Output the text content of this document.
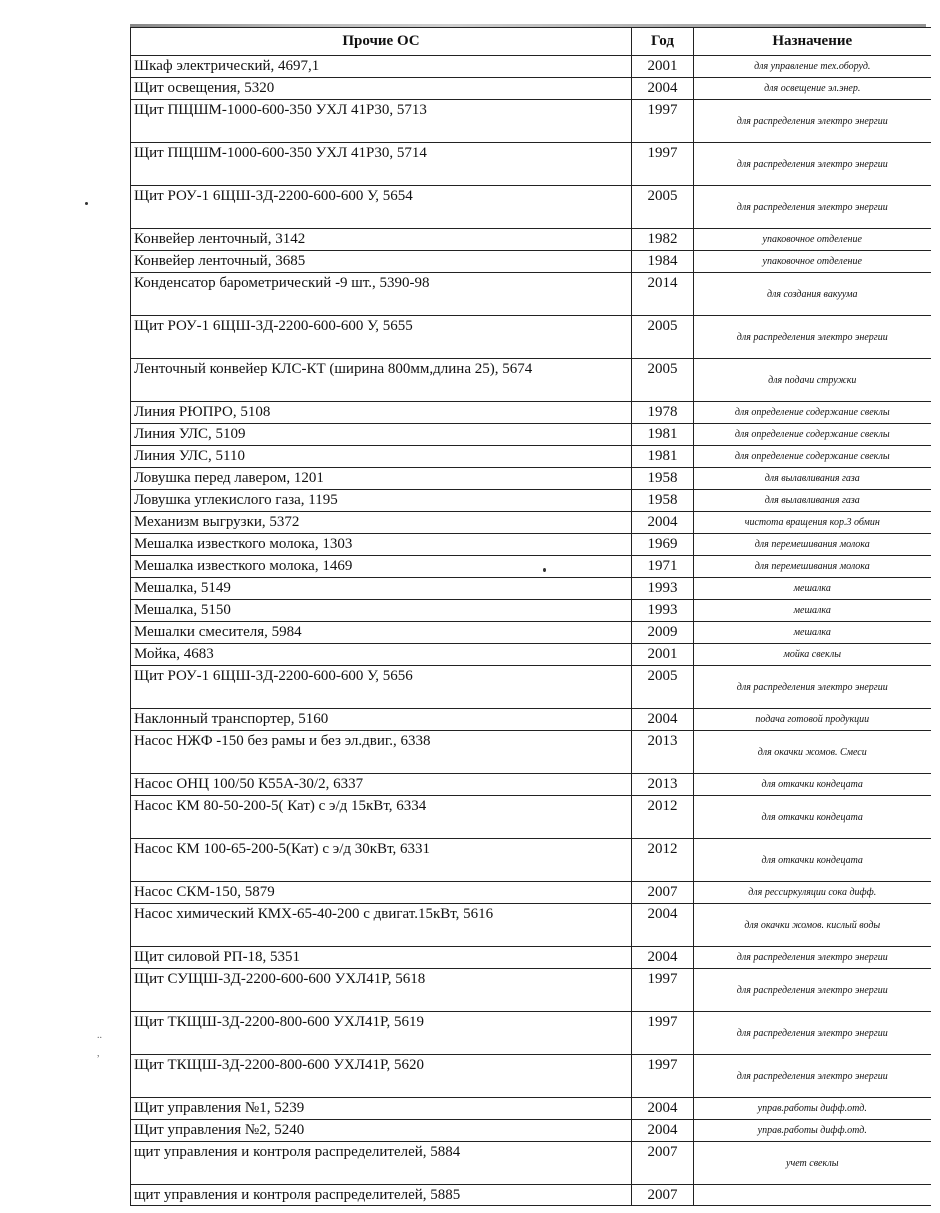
..
,
Прочие ОС	Год	Назначение
Шкаф электрический, 4697,1	2001	для управление тех.оборуд.
Щит освещения, 5320	2004	для освещение эл.энер.
Щит ПЩШМ-1000-600-350 УХЛ 41Р30, 5713	1997	для распределения электро энергии
Щит ПЩШМ-1000-600-350 УХЛ 41Р30, 5714	1997	для распределения электро энергии
Щит РОУ-1 6ЩШ-3Д-2200-600-600 У, 5654	2005	для распределения электро энергии
Конвейер ленточный, 3142	1982	упаковочное отделение
Конвейер ленточный, 3685	1984	упаковочное отделение
Конденсатор барометрический -9 шт., 5390-98	2014	для создания вакуума
Щит РОУ-1 6ЩШ-3Д-2200-600-600 У, 5655	2005	для распределения электро энергии
Ленточный конвейер КЛС-КТ (ширина 800мм,длина 25), 5674	2005	для подачи стружки
Линия РЮПРО, 5108	1978	для определение содержание свеклы
Линия УЛС, 5109	1981	для определение содержание свеклы
Линия УЛС, 5110	1981	для определение содержание свеклы
Ловушка перед лавером, 1201	1958	для вылавливания газа
Ловушка углекислого газа, 1195	1958	для вылавливания газа
Механизм выгрузки, 5372	2004	чистота вращения кор.3 обмин
Мешалка известкого молока, 1303	1969	для перемешивания молока
Мешалка известкого молока, 1469	1971	для перемешивания молока
Мешалка, 5149	1993	мешалка
Мешалка, 5150	1993	мешалка
Мешалки смесителя, 5984	2009	мешалка
Мойка, 4683	2001	мойка свеклы
Щит РОУ-1 6ЩШ-3Д-2200-600-600 У, 5656	2005	для распределения электро энергии
Наклонный транспортер, 5160	2004	подача готовой продукции
Насос НЖФ -150 без рамы и без эл.двиг., 6338	2013	для окачки жомов. Смеси
Насос ОНЦ 100/50 К55А-30/2, 6337	2013	для откачки кондецата
Насос КМ 80-50-200-5( Кат) с э/д 15кВт, 6334	2012	для откачки кондецата
Насос КМ 100-65-200-5(Кат) с э/д 30кВт, 6331	2012	для откачки кондецата
Насос СКМ-150, 5879	2007	для рессиркуляции сока дифф.
Насос химический КМХ-65-40-200 с двигат.15кВт, 5616	2004	для окачки жомов. кислый воды
Щит силовой РП-18, 5351	2004	для распределения электро энергии
Щит СУЩШ-3Д-2200-600-600 УХЛ41Р, 5618	1997	для распределения электро энергии
Щит ТКЩШ-3Д-2200-800-600 УХЛ41Р, 5619	1997	для распределения электро энергии
Щит ТКЩШ-3Д-2200-800-600 УХЛ41Р, 5620	1997	для распределения электро энергии
Щит управления №1, 5239	2004	управ.работы дифф.отд.
Щит управления №2, 5240	2004	управ.работы дифф.отд.
щит управления и контроля распределителей, 5884	2007	учет свеклы
щит управления и контроля распределителей, 5885	2007	
